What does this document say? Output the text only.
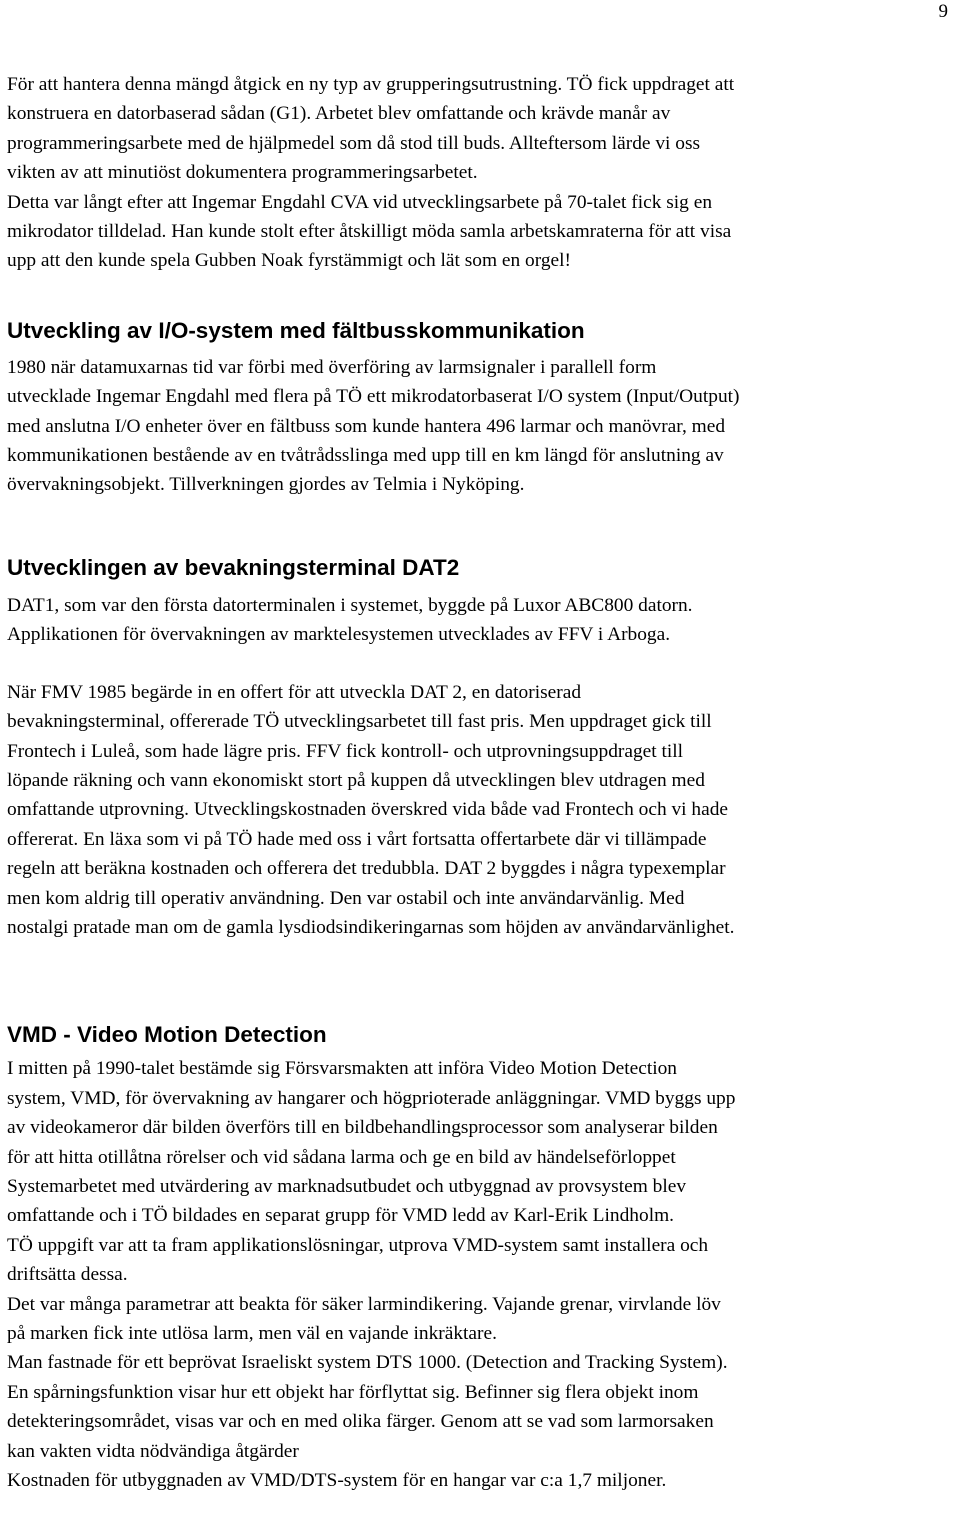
9

För att hantera denna mängd åtgick en ny typ av grupperingsutrustning. TÖ fick uppdraget att
konstruera en datorbaserad sådan (G1). Arbetet blev omfattande och krävde manår av
programmeringsarbete med de hjälpmedel som då stod till buds. Allteftersom lärde vi oss
vikten av att minutiöst dokumentera programmeringsarbetet.
Detta var långt efter att Ingemar Engdahl CVA vid utvecklingsarbete på 70-talet fick sig en
mikrodator tilldelad. Han kunde stolt efter åtskilligt möda samla arbetskamraterna för att visa
upp att den kunde spela Gubben Noak fyrstämmigt och lät som en orgel!

Utveckling av I/O-system med fältbusskommunikation

1980 när datamuxarnas tid var förbi med överföring av larmsignaler i parallell form
utvecklade Ingemar Engdahl med flera på TÖ ett mikrodatorbaserat I/O system (Input/Output)
med anslutna I/O enheter över en fältbuss som kunde hantera 496 larmar och manövrar, med
kommunikationen bestående av en tvåtrådsslinga med upp till en km längd för anslutning av
övervakningsobjekt. Tillverkningen gjordes av Telmia i Nyköping.

Utvecklingen av bevakningsterminal DAT2

DAT1, som var den första datorterminalen i systemet, byggde på Luxor ABC800 datorn.
Applikationen för övervakningen av marktelesystemen utvecklades av FFV i Arboga.

När FMV 1985 begärde in en offert för att utveckla DAT 2, en datoriserad
bevakningsterminal, offererade TÖ utvecklingsarbetet till fast pris. Men uppdraget gick till
Frontech i Luleå, som hade lägre pris. FFV fick kontroll- och utprovningsuppdraget till
löpande räkning och vann ekonomiskt stort på kuppen då utvecklingen blev utdragen med
omfattande utprovning. Utvecklingskostnaden överskred vida både vad Frontech och vi hade
offererat. En läxa som vi på TÖ hade med oss i vårt fortsatta offertarbete där vi tillämpade
regeln att beräkna kostnaden och offerera det tredubbla. DAT 2 byggdes i några typexemplar
men kom aldrig till operativ användning. Den var ostabil och inte användarvänlig. Med
nostalgi pratade man om de gamla lysdiodsindikeringarnas som höjden av användarvänlighet.

VMD - Video Motion Detection

I mitten på 1990-talet bestämde sig Försvarsmakten att införa Video Motion Detection
system, VMD, för övervakning av hangarer och högprioterade anläggningar. VMD byggs upp
av videokameror där bilden överförs till en bildbehandlingsprocessor som analyserar bilden
för att hitta otillåtna rörelser och vid sådana larma och ge en bild av händelseförloppet
Systemarbetet med utvärdering av marknadsutbudet och utbyggnad av provsystem blev
omfattande och i TÖ bildades en separat grupp för VMD ledd av Karl-Erik Lindholm.
TÖ uppgift var att ta fram applikationslösningar, utprova VMD-system samt installera och
driftsätta dessa.
Det var många parametrar att beakta för säker larmindikering. Vajande grenar, virvlande löv
på marken fick inte utlösa larm, men väl en vajande inkräktare.
Man fastnade för ett beprövat Israeliskt system DTS 1000. (Detection and Tracking System).
En spårningsfunktion visar hur ett objekt har förflyttat sig. Befinner sig flera objekt inom
detekteringsområdet, visas var och en med olika färger. Genom att se vad som larmorsaken
kan vakten vidta nödvändiga åtgärder
Kostnaden för utbyggnaden av VMD/DTS-system för en hangar var c:a 1,7 miljoner.
